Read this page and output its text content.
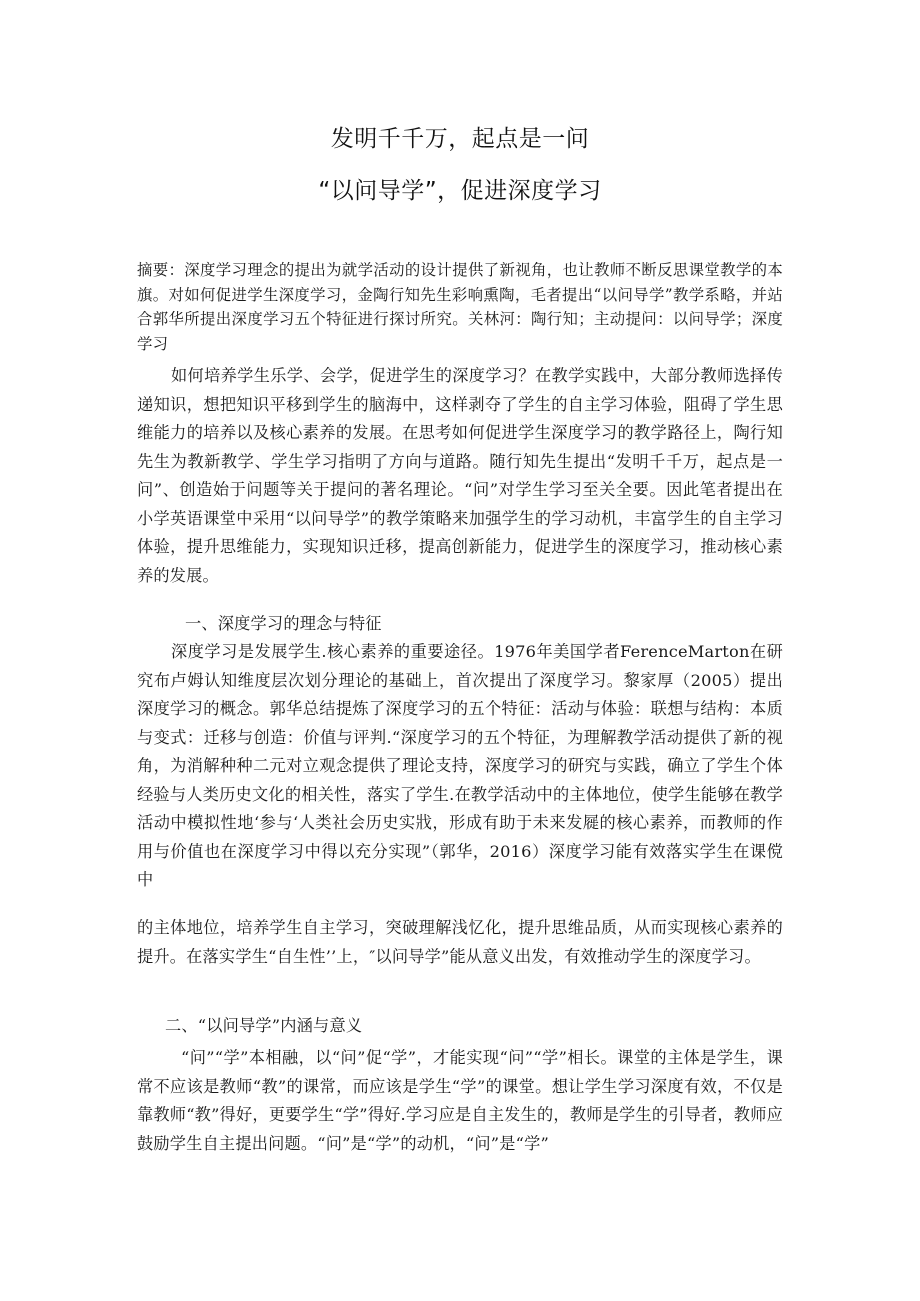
发明千千万，起点是一问
“以问导学”，促进深度学习
摘要：深度学习理念的提出为就学活动的设计提供了新视角，也让教师不断反思课堂教学的本旗。对如何促进学生深度学习，金陶行知先生彩响熏陶，毛者提出“以问导学”教学系略，并站合郭华所提出深度学习五个特征进行探讨所究。关林河：陶行知；主动提问：以问导学；深度学习
如何培养学生乐学、会学，促进学生的深度学习？在教学实践中，大部分教师选择传递知识，想把知识平移到学生的脑海中，这样剥夺了学生的自主学习体验，阻碍了学生思维能力的培养以及核心素养的发展。在思考如何促进学生深度学习的教学路径上，陶行知先生为教新教学、学生学习指明了方向与道路。随行知先生提出“发明千千万，起点是一问”、创造始于问题等关于提问的著名理论。“问”对学生学习至关全要。因此笔者提出在小学英语课堂中采用“以问导学”的教学策略来加强学生的学习动机，丰富学生的自主学习体验，提升思维能力，实现知识迁移，提高创新能力，促进学生的深度学习，推动核心素养的发展。
一、深度学习的理念与特征
深度学习是发展学生.核心素养的重要途径。1976年美国学者FerenceMarton在研究布卢姆认知维度层次划分理论的基础上，首次提出了深度学习。黎家厚（2005）提出深度学习的概念。郭华总结提炼了深度学习的五个特征：活动与体验：联想与结构：本质与变式：迁移与创造：价值与评判.“深度学习的五个特征，为理解教学活动提供了新的视角，为消解种种二元对立观念提供了理论支持，深度学习的研究与实践，确立了学生个体经验与人类历史文化的相关性，落实了学生.在教学活动中的主体地位，使学生能够在教学活动中模拟性地‘参与‘人类社会历史实戕，形成有助于未来发屣的核心素养，而教师的作用与价值也在深度学习中得以充分实现”（郭华，2016）深度学习能有效落实学生在课傥中
的主体地位，培养学生自主学习，突破理解浅忆化，提升思维品质，从而实现核心素养的提升。在落实学生“自生性’’上，″以问导学”能从意义出发，有效推动学生的深度学习。
二、“以问导学”内涵与意义
“问”“学”本相融，以“问”促“学”，才能实现“问”“学”相长。课堂的主体是学生，课常不应该是教师“教”的课常，而应该是学生“学”的课堂。想让学生学习深度有效，不仅是靠教师“教”得好，更要学生“学”得好.学习应是自主发生的，教师是学生的引导者，教师应鼓励学生自主提出问题。“问”是“学”的动机，“问”是“学”
